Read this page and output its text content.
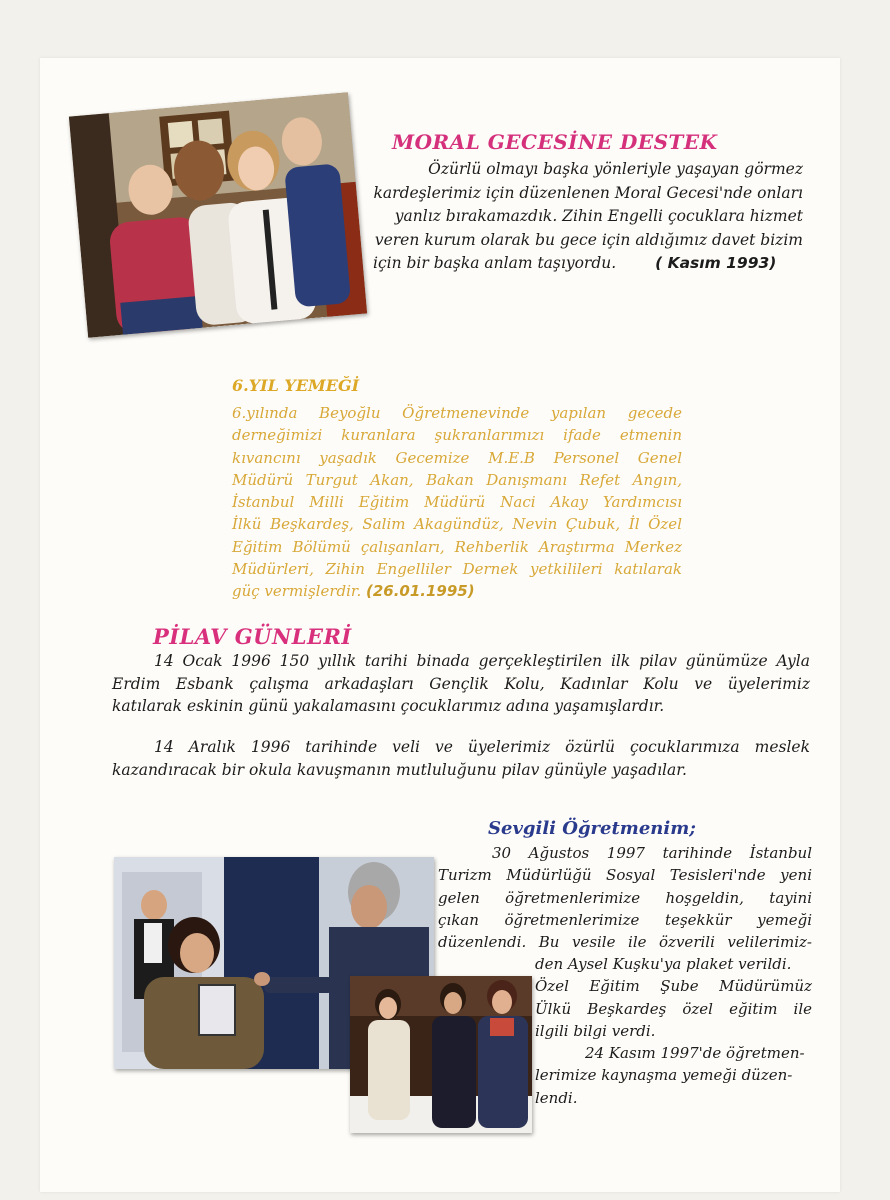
MORAL GECESİNE DESTEK
Özürlü olmayı başka yönleriyle yaşayan görmez
kardeşlerimiz için düzenlenen Moral Gecesi'nde onları
yanlız bırakamazdık. Zihin Engelli çocuklara hizmet
veren kurum olarak bu gece için aldığımız davet bizim
için bir başka anlam taşıyordu.	( Kasım 1993)
6.YIL YEMEĞİ
6.yılında Beyoğlu Öğretmenevinde yapılan gecede
derneğimizi kuranlara şukranlarımızı ifade etmenin
kıvancını yaşadık Gecemize M.E.B Personel Genel
Müdürü Turgut Akan, Bakan Danışmanı Refet Angın,
İstanbul Milli Eğitim Müdürü Naci Akay Yardımcısı
İlkü Beşkardeş, Salim Akagündüz, Nevin Çubuk, İl Özel
Eğitim Bölümü çalışanları, Rehberlik Araştırma Merkez
Müdürleri, Zihin Engelliler Dernek yetkilileri katılarak
güç vermişlerdir. (26.01.1995)
PİLAV GÜNLERİ
14 Ocak 1996 150 yıllık tarihi binada gerçekleştirilen ilk pilav günümüze Ayla
Erdim Esbank çalışma arkadaşları Gençlik Kolu, Kadınlar Kolu ve üyelerimiz
katılarak eskinin günü yakalamasını çocuklarımız adına yaşamışlardır.
14 Aralık 1996 tarihinde veli ve üyelerimiz özürlü çocuklarımıza meslek
kazandıracak bir okula kavuşmanın mutluluğunu pilav günüyle yaşadılar.
Sevgili Öğretmenim;
30 Ağustos 1997 tarihinde İstanbul
Turizm Müdürlüğü Sosyal Tesisleri'nde yeni
gelen öğretmenlerimize hoşgeldin, tayini
çıkan öğretmenlerimize teşekkür yemeği
düzenlendi. Bu vesile ile özverili velilerimiz-
den Aysel Kuşku'ya plaket verildi.
Özel Eğitim Şube Müdürümüz
Ülkü Beşkardeş özel eğitim ile
ilgili bilgi verdi.
24 Kasım 1997'de öğretmen-
lerimize kaynaşma yemeği düzen-
lendi.
